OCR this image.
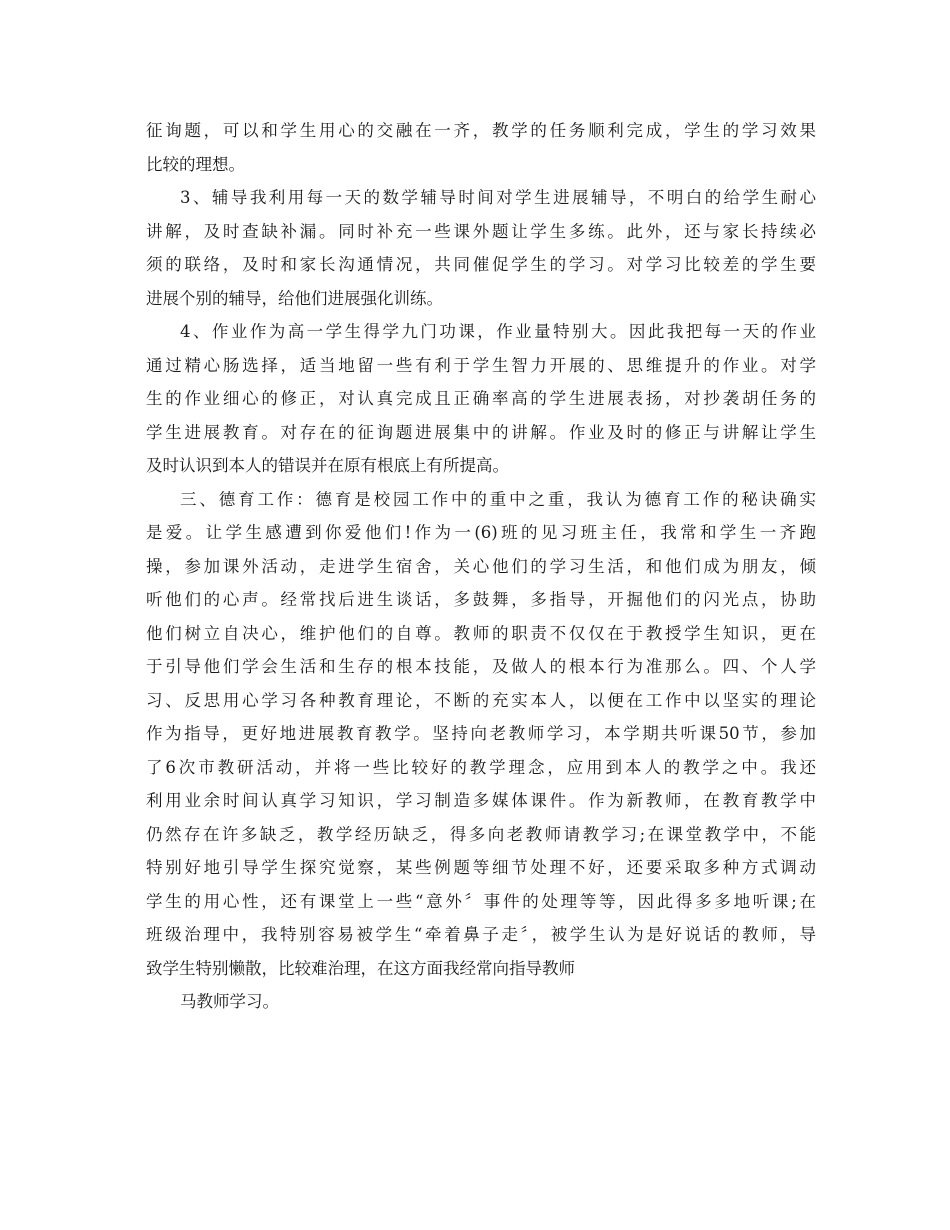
征询题，可以和学生用心的交融在一齐，教学的任务顺利完成，学生的学习效果
比较的理想。
3、辅导我利用每一天的数学辅导时间对学生进展辅导，不明白的给学生耐心
讲解，及时查缺补漏。同时补充一些课外题让学生多练。此外，还与家长持续必
须的联络，及时和家长沟通情况，共同催促学生的学习。对学习比较差的学生要
进展个别的辅导，给他们进展强化训练。
4、作业作为高一学生得学九门功课，作业量特别大。因此我把每一天的作业
通过精心肠选择，适当地留一些有利于学生智力开展的、思维提升的作业。对学
生的作业细心的修正，对认真完成且正确率高的学生进展表扬，对抄袭胡任务的
学生进展教育。对存在的征询题进展集中的讲解。作业及时的修正与讲解让学生
及时认识到本人的错误并在原有根底上有所提高。
三、德育工作：德育是校园工作中的重中之重，我认为德育工作的秘诀确实
是爱。让学生感遭到你爱他们!作为一(6)班的见习班主任，我常和学生一齐跑
操，参加课外活动，走进学生宿舍，关心他们的学习生活，和他们成为朋友，倾
听他们的心声。经常找后进生谈话，多鼓舞，多指导，开掘他们的闪光点，协助
他们树立自决心，维护他们的自尊。教师的职责不仅仅在于教授学生知识，更在
于引导他们学会生活和生存的根本技能，及做人的根本行为准那么。四、个人学
习、反思用心学习各种教育理论，不断的充实本人，以便在工作中以坚实的理论
作为指导，更好地进展教育教学。坚持向老教师学习，本学期共听课50节，参加
了6次市教研活动，并将一些比较好的教学理念，应用到本人的教学之中。我还
利用业余时间认真学习知识，学习制造多媒体课件。作为新教师，在教育教学中
仍然存在许多缺乏，教学经历缺乏，得多向老教师请教学习;在课堂教学中，不能
特别好地引导学生探究觉察，某些例题等细节处理不好，还要采取多种方式调动
学生的用心性，还有课堂上一些“意外〞事件的处理等等，因此得多多地听课;在
班级治理中，我特别容易被学生“牵着鼻子走〞，被学生认为是好说话的教师，导
致学生特别懒散，比较难治理，在这方面我经常向指导教师
马教师学习。
